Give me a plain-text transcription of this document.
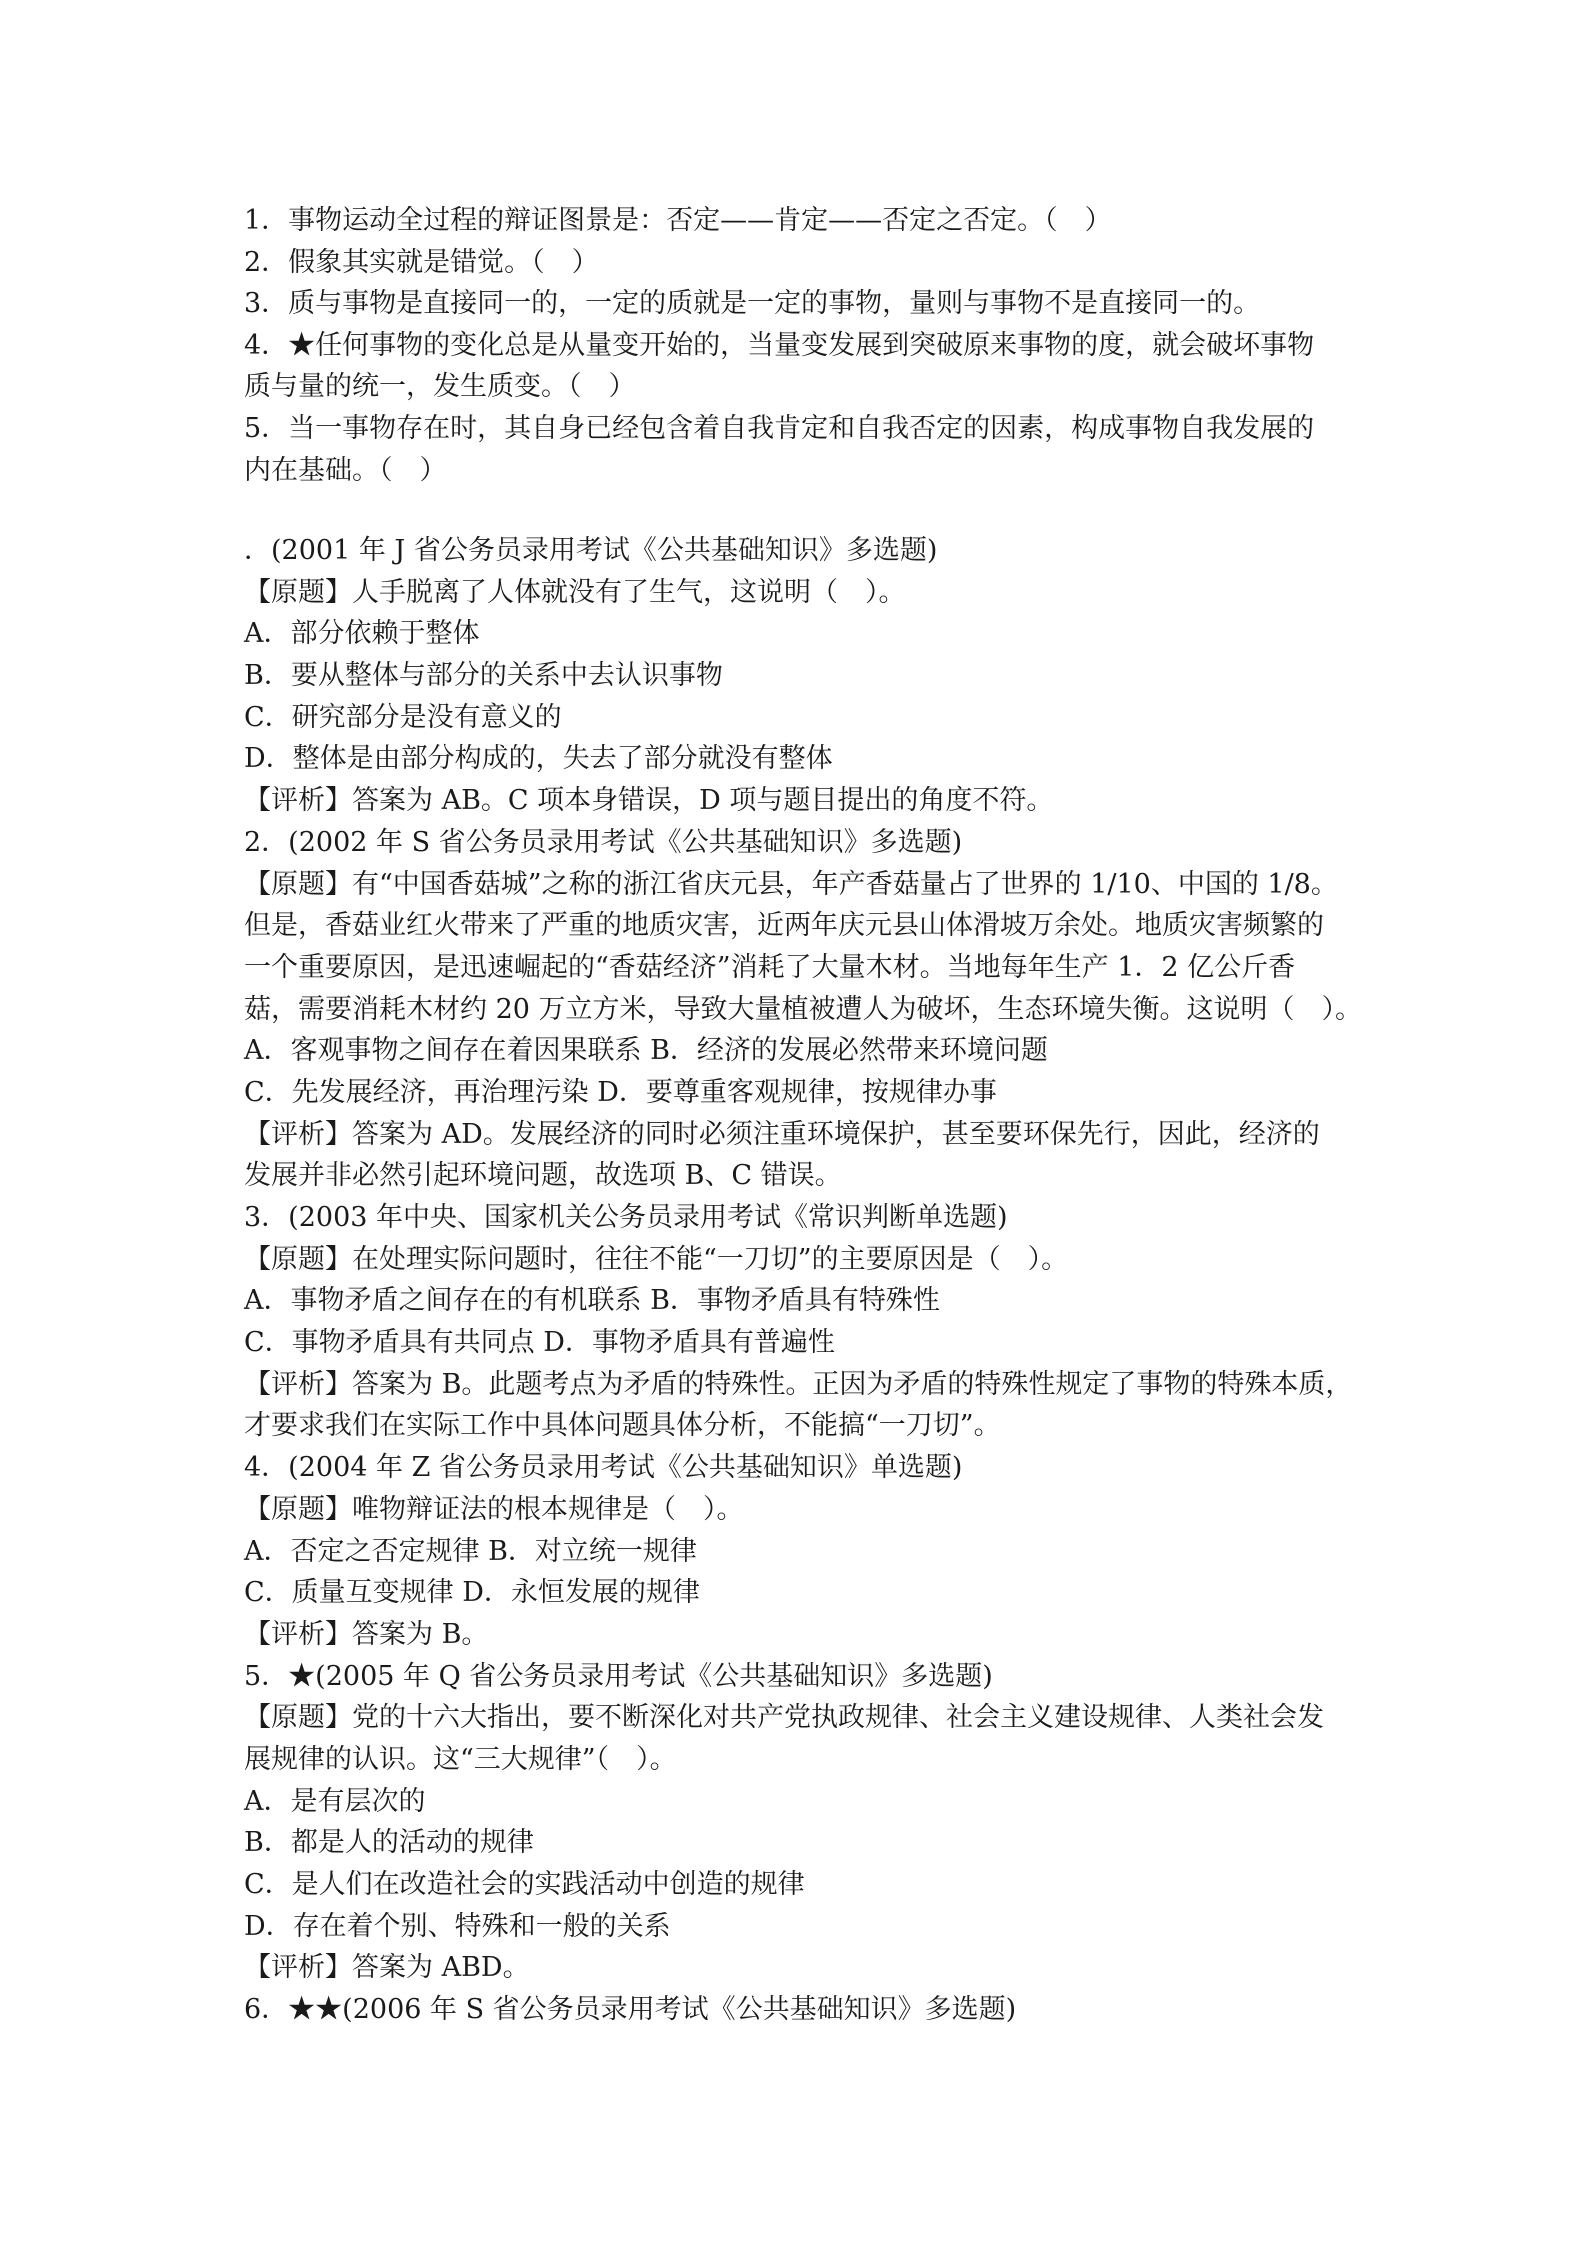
1．事物运动全过程的辩证图景是：否定——肯定——否定之否定。（　）

2．假象其实就是错觉。（　）

3．质与事物是直接同一的，一定的质就是一定的事物，量则与事物不是直接同一的。

4．★任何事物的变化总是从量变开始的，当量变发展到突破原来事物的度，就会破坏事物

质与量的统一，发生质变。（　）

5．当一事物存在时，其自身已经包含着自我肯定和自我否定的因素，构成事物自我发展的

内在基础。（　）

．(2001 年 J 省公务员录用考试《公共基础知识》多选题)

【原题】人手脱离了人体就没有了生气，这说明（　）。

A．部分依赖于整体

B．要从整体与部分的关系中去认识事物

C．研究部分是没有意义的

D．整体是由部分构成的，失去了部分就没有整体

【评析】答案为 AB。C 项本身错误，D 项与题目提出的角度不符。

2．(2002 年 S 省公务员录用考试《公共基础知识》多选题)

【原题】有“中国香菇城”之称的浙江省庆元县，年产香菇量占了世界的 1/10、中国的 1/8。

但是，香菇业红火带来了严重的地质灾害，近两年庆元县山体滑坡万余处。地质灾害频繁的

一个重要原因，是迅速崛起的“香菇经济”消耗了大量木材。当地每年生产 1．2 亿公斤香

菇，需要消耗木材约 20 万立方米，导致大量植被遭人为破坏，生态环境失衡。这说明（　）。

A．客观事物之间存在着因果联系 B．经济的发展必然带来环境问题

C．先发展经济，再治理污染 D．要尊重客观规律，按规律办事

【评析】答案为 AD。发展经济的同时必须注重环境保护，甚至要环保先行，因此，经济的

发展并非必然引起环境问题，故选项 B、C 错误。

3．(2003 年中央、国家机关公务员录用考试《常识判断单选题)

【原题】在处理实际问题时，往往不能“一刀切”的主要原因是（　）。

A．事物矛盾之间存在的有机联系 B．事物矛盾具有特殊性

C．事物矛盾具有共同点 D．事物矛盾具有普遍性

【评析】答案为 B。此题考点为矛盾的特殊性。正因为矛盾的特殊性规定了事物的特殊本质，

才要求我们在实际工作中具体问题具体分析，不能搞“一刀切”。

4．(2004 年 Z 省公务员录用考试《公共基础知识》单选题)

【原题】唯物辩证法的根本规律是（　）。

A．否定之否定规律 B．对立统一规律

C．质量互变规律 D．永恒发展的规律

【评析】答案为 B。

5．★(2005 年 Q 省公务员录用考试《公共基础知识》多选题)

【原题】党的十六大指出，要不断深化对共产党执政规律、社会主义建设规律、人类社会发

展规律的认识。这“三大规律”（　）。

A．是有层次的

B．都是人的活动的规律

C．是人们在改造社会的实践活动中创造的规律

D．存在着个别、特殊和一般的关系

【评析】答案为 ABD。

6．★★(2006 年 S 省公务员录用考试《公共基础知识》多选题)
